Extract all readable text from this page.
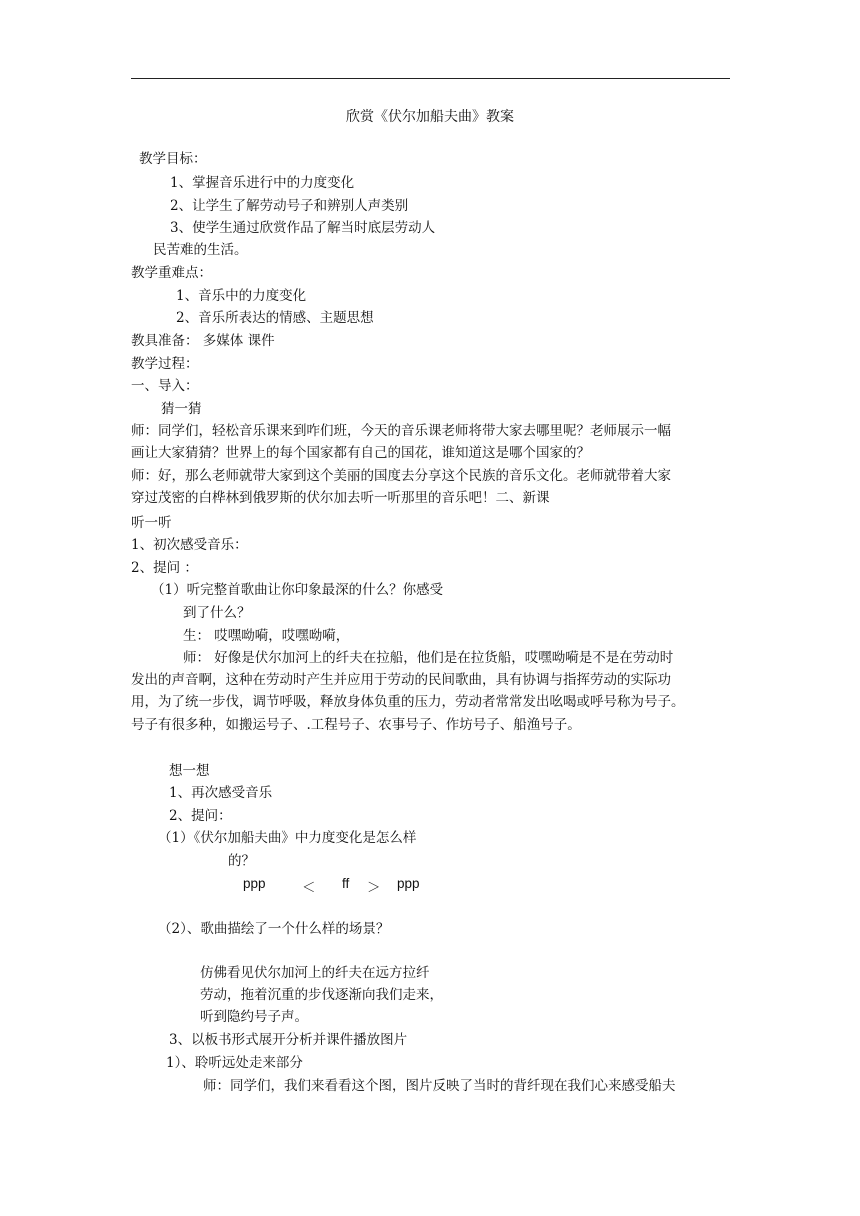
欣赏《伏尔加船夫曲》教案
教学目标：
1、掌握音乐进行中的力度变化
2、让学生了解劳动号子和辨别人声类别
3、使学生通过欣赏作品了解当时底层劳动人
民苦难的生活。
教学重难点：
1、音乐中的力度变化
2、音乐所表达的情感、主题思想
教具准备： 多媒体 课件
教学过程：
一、导入：
猜一猜
师：同学们，轻松音乐课来到咋们班，今天的音乐课老师将带大家去哪里呢？老师展示一幅
画让大家猜猜？世界上的每个国家都有自己的国花，谁知道这是哪个国家的？
师：好，那么老师就带大家到这个美丽的国度去分享这个民族的音乐文化。老师就带着大家
穿过茂密的白桦林到俄罗斯的伏尔加去听一听那里的音乐吧！二、新课
听一听
1、初次感受音乐：
2、提问 ：
（1）听完整首歌曲让你印象最深的什么？你感受
到了什么？
生： 哎嘿呦嗬，哎嘿呦嗬，
师： 好像是伏尔加河上的纤夫在拉船，他们是在拉货船，哎嘿呦嗬是不是在劳动时
发出的声音啊，这种在劳动时产生并应用于劳动的民间歌曲，具有协调与指挥劳动的实际功
用，为了统一步伐，调节呼吸，释放身体负重的压力，劳动者常常发出吆喝或呼号称为号子。
号子有很多种，如搬运号子、.工程号子、农事号子、作坊号子、船渔号子。
想一想
1、再次感受音乐
2、提问：
（1）《伏尔加船夫曲》中力度变化是怎么样
的？
ppp	＜ ff ＞ ppp
（2）、歌曲描绘了一个什么样的场景？
仿佛看见伏尔加河上的纤夫在远方拉纤
劳动，拖着沉重的步伐逐渐向我们走来，
听到隐约号子声。
3、以板书形式展开分析并课件播放图片
1）、聆听远处走来部分
师：同学们，我们来看看这个图，图片反映了当时的背纤现在我们心来感受船夫
